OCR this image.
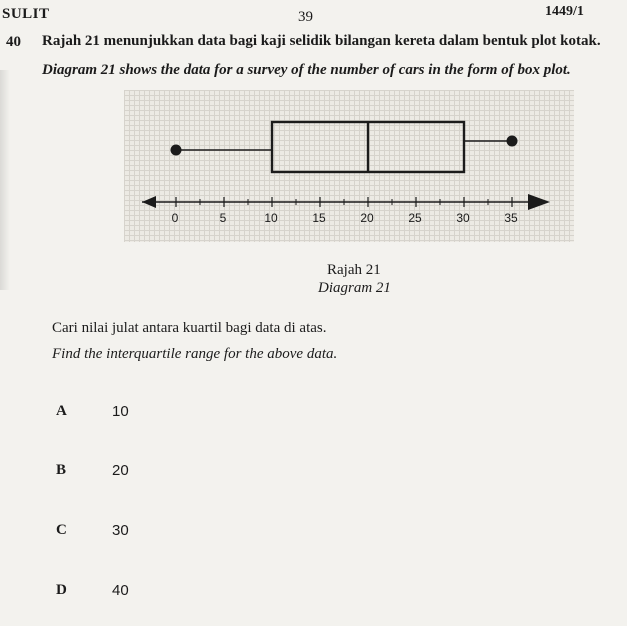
SULIT	39	1449/1
40 Rajah 21 menunjukkan data bagi kaji selidik bilangan kereta dalam bentuk plot kotak.
Diagram 21 shows the data for a survey of the number of cars in the form of box plot.
0	5	10	15	20	25	30	35
Rajah 21
Diagram 21
Cari nilai julat antara kuartil bagi data di atas.
Find the interquartile range for the above data.
A	10
B	20
C	30
D	40
